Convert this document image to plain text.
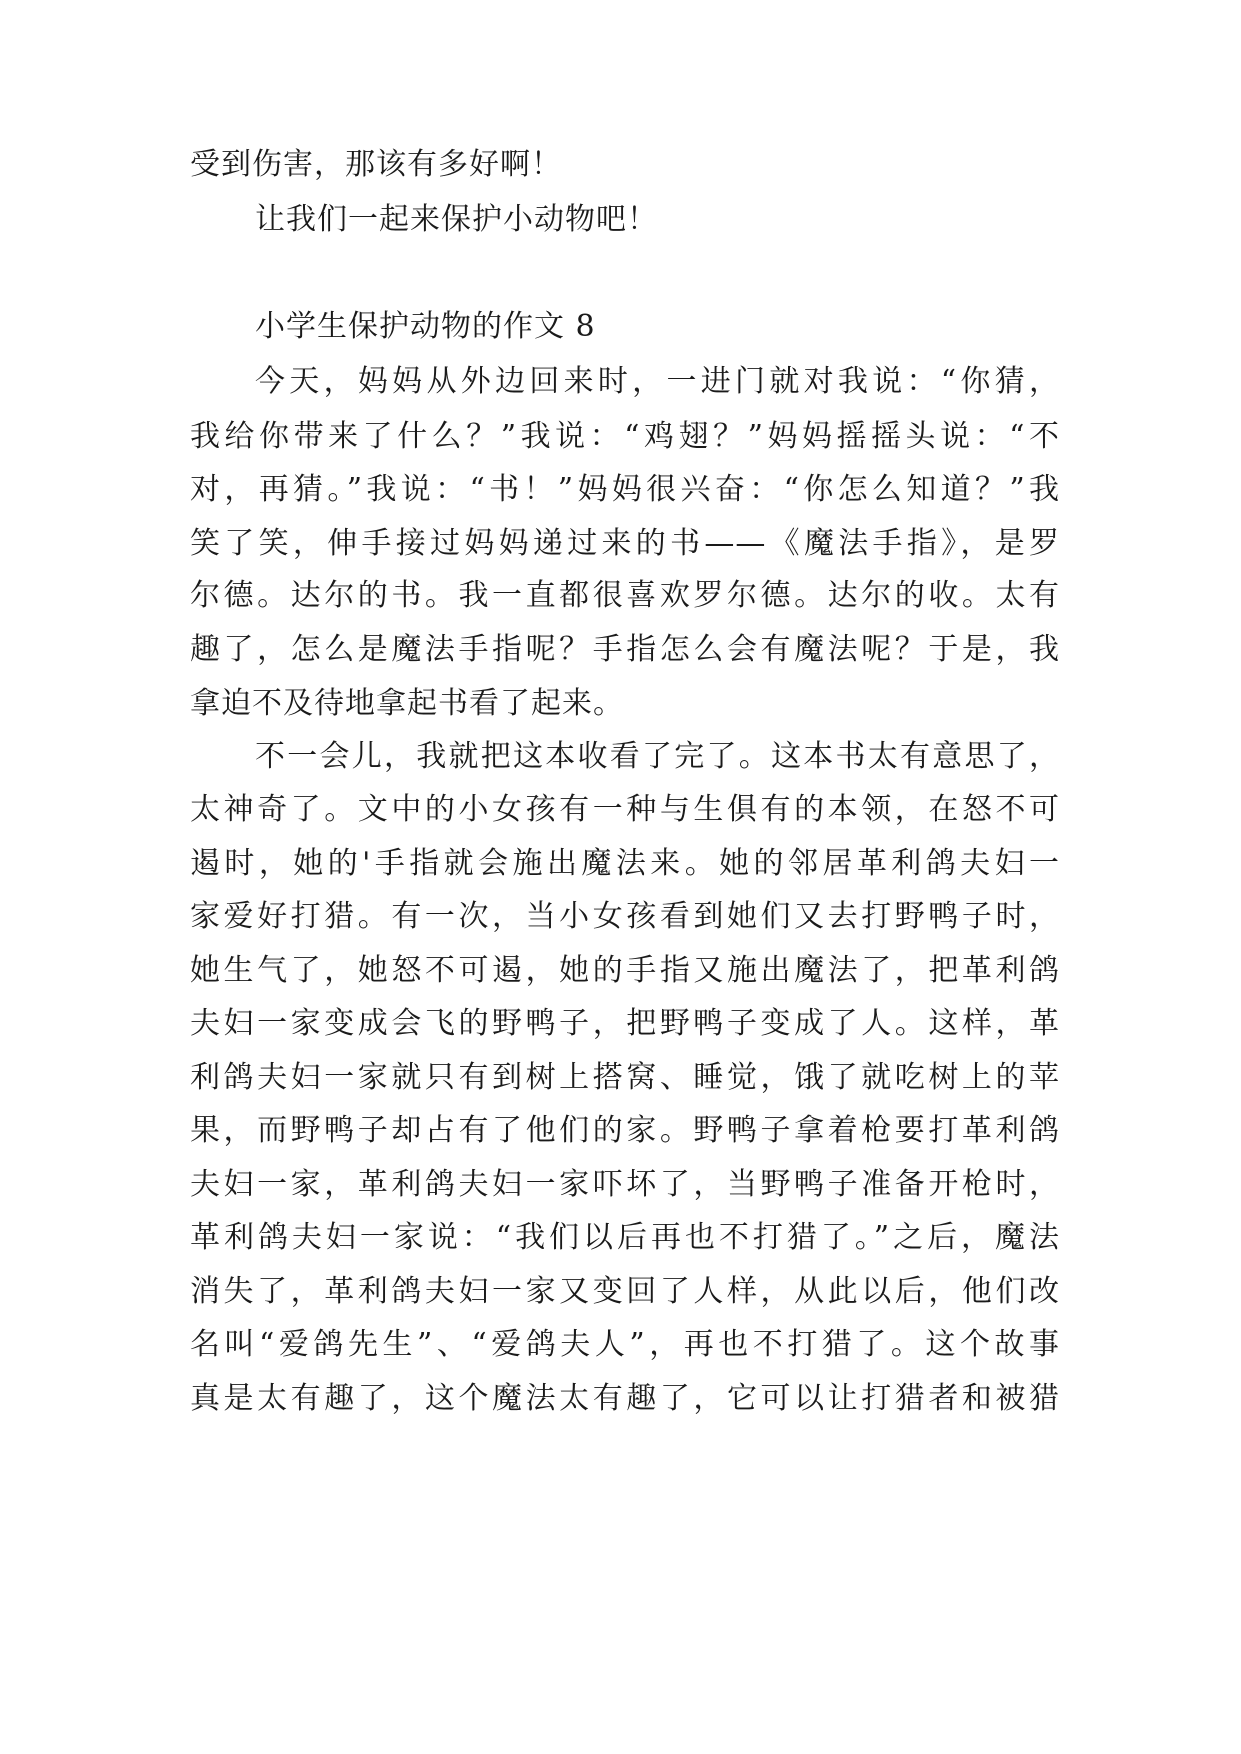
受到伤害，那该有多好啊！
让我们一起来保护小动物吧！
小学生保护动物的作文 8
今天，妈妈从外边回来时，一进门就对我说：“你猜，
我给你带来了什么？”我说：“鸡翅？”妈妈摇摇头说：“不
对，再猜。”我说：“书！”妈妈很兴奋：“你怎么知道？”我
笑了笑，伸手接过妈妈递过来的书——《魔法手指》，是罗
尔德。达尔的书。我一直都很喜欢罗尔德。达尔的收。太有
趣了，怎么是魔法手指呢？手指怎么会有魔法呢？于是，我
拿迫不及待地拿起书看了起来。
不一会儿，我就把这本收看了完了。这本书太有意思了，
太神奇了。文中的小女孩有一种与生俱有的本领，在怒不可
遏时，她的'手指就会施出魔法来。她的邻居革利鸽夫妇一
家爱好打猎。有一次，当小女孩看到她们又去打野鸭子时，
她生气了，她怒不可遏，她的手指又施出魔法了，把革利鸽
夫妇一家变成会飞的野鸭子，把野鸭子变成了人。这样，革
利鸽夫妇一家就只有到树上搭窝、睡觉，饿了就吃树上的苹
果，而野鸭子却占有了他们的家。野鸭子拿着枪要打革利鸽
夫妇一家，革利鸽夫妇一家吓坏了，当野鸭子准备开枪时，
革利鸽夫妇一家说：“我们以后再也不打猎了。”之后，魔法
消失了，革利鸽夫妇一家又变回了人样，从此以后，他们改
名叫“爱鸽先生”、“爱鸽夫人”，再也不打猎了。这个故事
真是太有趣了，这个魔法太有趣了，它可以让打猎者和被猎
